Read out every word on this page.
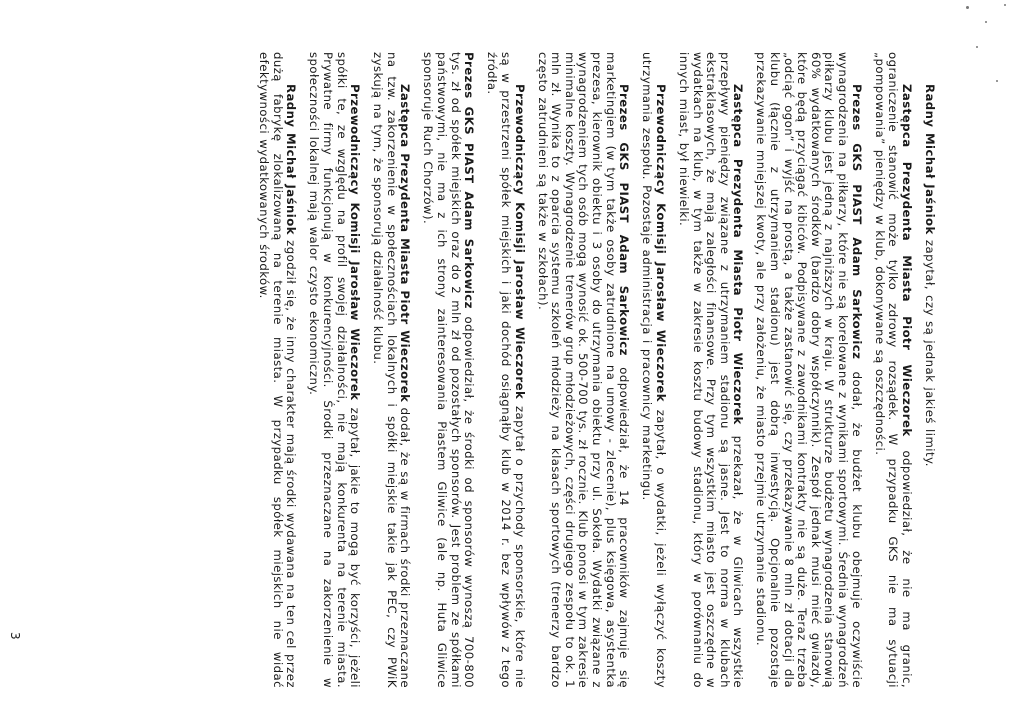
Radny Michał Jaśniok zapytał, czy są jednak jakieś limity.

Zastępca Prezydenta Miasta Piotr Wieczorek odpowiedział, że nie ma granic, ograniczenie stanowić może tylko zdrowy rozsądek. W przypadku GKS nie ma sytuacji „pompowania” pieniędzy w klub, dokonywane są oszczędności.

Prezes GKS PIAST Adam Sarkowicz dodał, że budżet klubu obejmuje oczywiście wynagrodzenia na piłkarzy, które nie są korelowane z wynikami sportowymi. Średnia wynagrodzeń piłkarzy klubu jest jedną z najniższych w kraju. W strukturze budżetu wynagrodzenia stanowią 60% wydatkowanych środków (bardzo dobry współczynnik). Zespół jednak musi mieć gwiazdy, które będą przyciągać kibiców. Podpisywane z zawodnikami kontrakty nie są duże. Teraz trzeba „odciąć ogon” i wyjść na prostą, a także zastanowić się, czy przekazywanie 8 mln zł dotacji dla klubu (łącznie z utrzymaniem stadionu) jest dobrą inwestycją. Opcjonalnie pozostaje przekazywanie mniejszej kwoty, ale przy założeniu, że miasto przejmie utrzymanie stadionu.

Zastępca Prezydenta Miasta Piotr Wieczorek przekazał, że w Gliwicach wszystkie przepływy pieniędzy związane z utrzymaniem stadionu są jasne. Jest to norma w klubach ekstraklasowych, że mają zaległości finansowe. Przy tym wszystkim miasto jest oszczędne w wydatkach na klub, w tym także w zakresie kosztu budowy stadionu, który w porównaniu do innych miast, był niewielki.

Przewodniczący Komisji Jarosław Wieczorek zapytał, o wydatki, jeżeli wyłączyć koszty utrzymania zespołu. Pozostaje administracja i pracownicy marketingu.

Prezes GKS PIAST Adam Sarkowicz odpowiedział, że 14 pracowników zajmuje się marketingiem (w tym także osoby zatrudnione na umowy - zlecenie), plus księgowa, asystentka prezesa, kierownik obiektu i 3 osoby do utrzymania obiektu przy ul. Sokoła. Wydatki związane z wynagrodzeniem tych osób mogą wynosić ok. 500-700 tys. zł rocznie. Klub ponosi w tym zakresie minimalne koszty. Wynagrodzenie trenerów grup młodzieżowych, części drugiego zespołu to ok. 1 mln zł. Wynika to z oparcia systemu szkoleń młodzieży na klasach sportowych (trenerzy bardzo często zatrudnieni są także w szkołach).

Przewodniczący Komisji Jarosław Wieczorek zapytał o przychody sponsorskie, które nie są w przestrzeni spółek miejskich i jaki dochód osiągnąłby klub w 2014 r. bez wpływów z tego źródła.

Prezes GKS PIAST Adam Sarkowicz odpowiedział, że środki od sponsorów wynoszą 700-800 tys. zł od spółek miejskich oraz do 2 mln zł od pozostałych sponsorów. Jest problem ze spółkami państwowymi, nie ma z ich strony zainteresowania Piastem Gliwice (ale np. Huta Gliwice sponsoruje Ruch Chorzów).

Zastępca Prezydenta Miasta Piotr Wieczorek dodał, że są w firmach środki przeznaczane na tzw. zakorzenienie w społecznościach lokalnych i spółki miejskie takie jak PEC, czy PWiK zyskują na tym, że sponsorują działalność klubu.

Przewodniczący Komisji Jarosław Wieczorek zapytał, jakie to mogą być korzyści, jeżeli spółki te, ze względu na profil swojej działalności, nie mają konkurenta na terenie miasta. Prywatne firmy funkcjonują w konkurencyjności. Środki przeznaczane na zakorzenienie w społeczności lokalnej mają walor czysto ekonomiczny.

Radny Michał Jaśniok zgodził się, że inny charakter mają środki wydawana na ten cel przez dużą fabrykę zlokalizowaną na terenie miasta. W przypadku spółek miejskich nie widać efektywności wydatkowanych środków.

3
